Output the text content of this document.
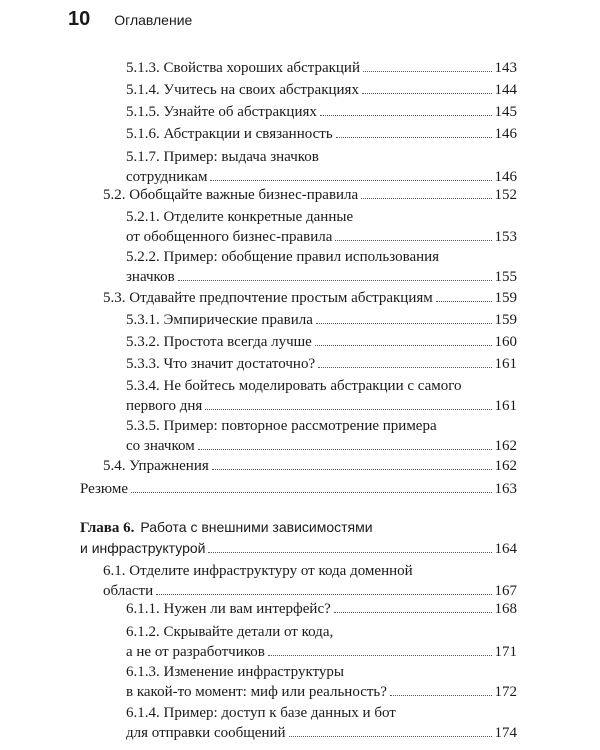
10 Оглавление
5.1.3. Свойства хороших абстракций	143
5.1.4. Учитесь на своих абстракциях	144
5.1.5. Узнайте об абстракциях	145
5.1.6. Абстракции и связанность	146
5.1.7. Пример: выдача значков
сотрудникам	146
5.2. Обобщайте важные бизнес-правила	152
5.2.1. Отделите конкретные данные
от обобщенного бизнес-правила	153
5.2.2. Пример: обобщение правил использования
значков	155
5.3. Отдавайте предпочтение простым абстракциям	159
5.3.1. Эмпирические правила	159
5.3.2. Простота всегда лучше	160
5.3.3. Что значит достаточно?	161
5.3.4. Не бойтесь моделировать абстракции с самого
первого дня	161
5.3.5. Пример: повторное рассмотрение примера
со значком	162
5.4. Упражнения	162
Резюме	163
Глава 6. Работа с внешними зависимостями
и инфраструктурой	164
6.1. Отделите инфраструктуру от кода доменной
области	167
6.1.1. Нужен ли вам интерфейс?	168
6.1.2. Скрывайте детали от кода,
а не от разработчиков	171
6.1.3. Изменение инфраструктуры
в какой-то момент: миф или реальность?	172
6.1.4. Пример: доступ к базе данных и бот
для отправки сообщений	174
